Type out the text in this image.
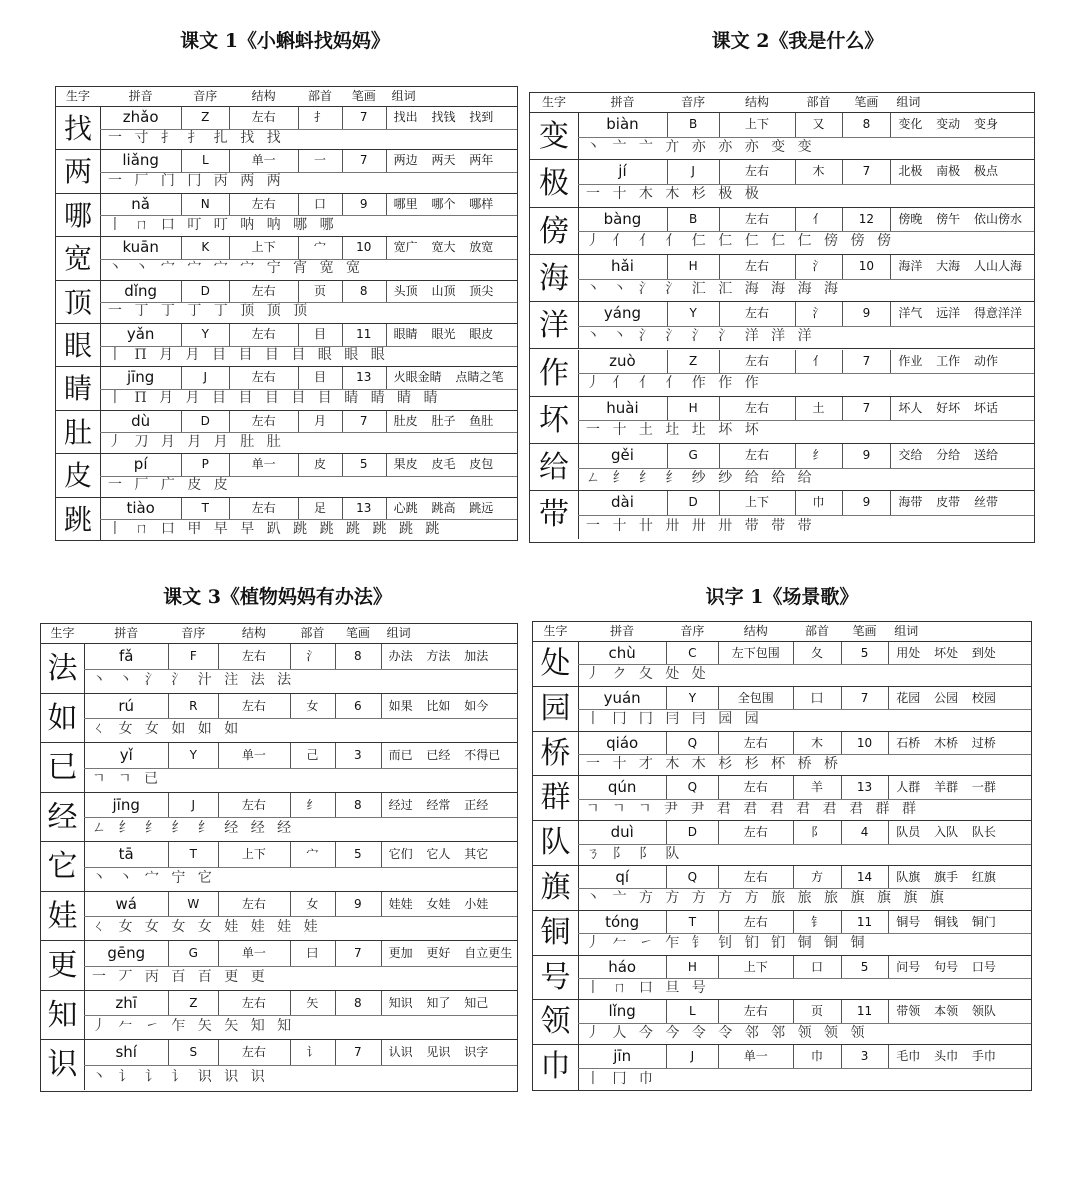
课文 1《小蝌蚪找妈妈》
生字	拼音	音序	结构	部首	笔画	组词
找	zhǎo	Z	左右	扌	7	找出 找钱 找到
一 寸 扌 扌 扎 找 找
两	liǎng	L	单一	一	7	两边 两天 两年
一 厂 门 冂 丙 两 两
哪	nǎ	N	左右	口	9	哪里 哪个 哪样
丨 ㄇ 口 叮 叮 呐 呐 哪 哪
宽	kuān	K	上下	宀	10	宽广 宽大 放宽
丶 丶 宀 宀 宀 宀 宁 宵 宽 宽
顶	dǐng	D	左右	页	8	头顶 山顶 顶尖
一 丁 丁 丁 丁 顶 顶 顶
眼	yǎn	Y	左右	目	11	眼睛 眼光 眼皮
丨 Π 月 月 目 目 目 目 眼 眼 眼
睛	jīng	J	左右	目	13	火眼金睛 点睛之笔
丨 Π 月 月 目 目 目 目 目 睛 睛 睛 睛
肚	dù	D	左右	月	7	肚皮 肚子 鱼肚
丿 刀 月 月 月 肚 肚
皮	pí	P	单一	皮	5	果皮 皮毛 皮包
一 厂 广 皮 皮
跳	tiào	T	左右	足	13	心跳 跳高 跳远
丨 ㄇ 口 甲 早 早 趴 跳 跳 跳 跳 跳 跳
课文 2《我是什么》
生字	拼音	音序	结构	部首	笔画	组词
变	biàn	B	上下	又	8	变化 变动 变身
丶 亠 亠 亣 亦 亦 亦 变 变
极	jí	J	左右	木	7	北极 南极 极点
一 十 木 木 杉 极 极
傍	bàng	B	左右	亻	12	傍晚 傍午 依山傍水
丿 亻 亻 亻 仁 仁 仁 仁 仁 傍 傍 傍
海	hǎi	H	左右	氵	10	海洋 大海 人山人海
丶 丶 氵 氵 汇 汇 海 海 海 海
洋	yáng	Y	左右	氵	9	洋气 远洋 得意洋洋
丶 丶 氵 氵 氵 氵 洋 洋 洋
作	zuò	Z	左右	亻	7	作业 工作 动作
丿 亻 亻 亻 作 作 作
坏	huài	H	左右	土	7	坏人 好坏 坏话
一 十 土 圵 圵 坏 坏
给	gěi	G	左右	纟	9	交给 分给 送给
ㄥ 纟 纟 纟 纱 纱 给 给 给
带	dài	D	上下	巾	9	海带 皮带 丝带
一 十 卄 卅 卅 卅 带 带 带
课文 3《植物妈妈有办法》
生字	拼音	音序	结构	部首	笔画	组词
法	fǎ	F	左右	氵	8	办法 方法 加法
丶 丶 氵 氵 汁 注 法 法
如	rú	R	左右	女	6	如果 比如 如今
ㄑ 女 女 如 如 如
已	yǐ	Y	单一	己	3	而已 已经 不得已
ㄱ ㄱ 已
经	jīng	J	左右	纟	8	经过 经常 正经
ㄥ 纟 纟 纟 纟 经 经 经
它	tā	T	上下	宀	5	它们 它人 其它
丶 丶 宀 宁 它
娃	wá	W	左右	女	9	娃娃 女娃 小娃
ㄑ 女 女 女 女 娃 娃 娃 娃
更	gēng	G	单一	曰	7	更加 更好 自立更生
一 丆 丙 百 百 更 更
知	zhī	Z	左右	矢	8	知识 知了 知己
丿 𠂉 ㇀ 乍 矢 矢 知 知
识	shí	S	左右	讠	7	认识 见识 识字
丶 讠 讠 讠 识 识 识
识字 1《场景歌》
生字	拼音	音序	结构	部首	笔画	组词
处	chù	C	左下包围	夂	5	用处 坏处 到处
丿 ク 夂 处 处
园	yuán	Y	全包围	囗	7	花园 公园 校园
丨 冂 冂 冃 冃 园 园
桥	qiáo	Q	左右	木	10	石桥 木桥 过桥
一 十 才 木 木 杉 杉 杯 桥 桥
群	qún	Q	左右	羊	13	人群 羊群 一群
ㄱ ㄱ ㄱ 尹 尹 君 君 君 君 君 君 群 群
队	duì	D	左右	阝	4	队员 入队 队长
ㄋ 阝 阝 队
旗	qí	Q	左右	方	14	队旗 旗手 红旗
丶 亠 方 方 方 方 方 旅 旅 旅 旗 旗 旗 旗
铜	tóng	T	左右	钅	11	铜号 铜钱 铜门
丿 𠂉 ㇀ 乍 钅 钊 钔 钔 铜 铜 铜
号	háo	H	上下	口	5	问号 句号 口号
丨 ㄇ 口 旦 号
领	lǐng	L	左右	页	11	带领 本领 领队
丿 人 今 今 令 令 邻 邻 领 领 领
巾	jīn	J	单一	巾	3	毛巾 头巾 手巾
丨 冂 巾
